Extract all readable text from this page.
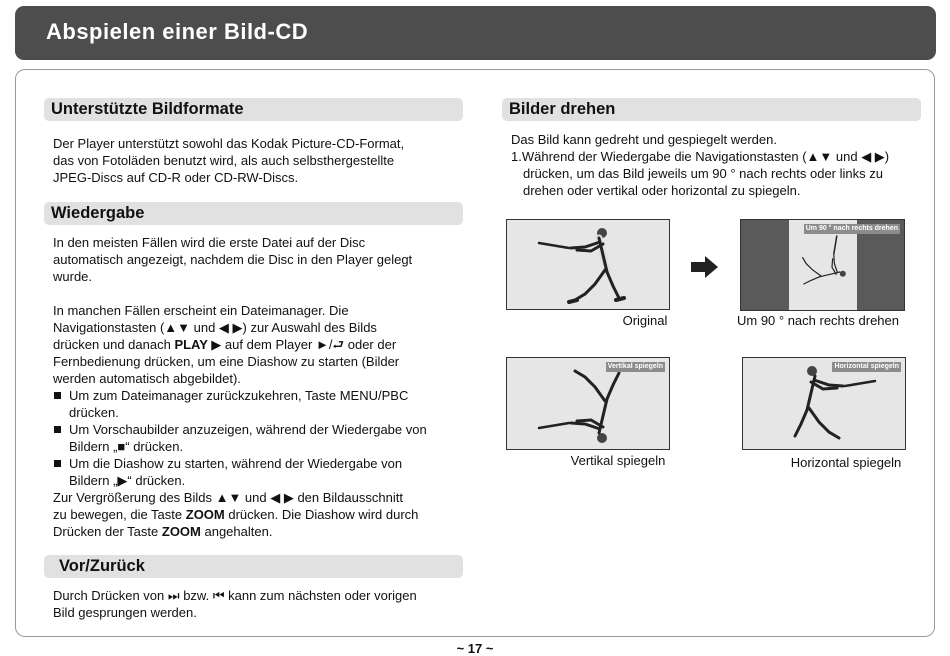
Abspielen einer Bild-CD
Unterstützte Bildformate

Der Player unterstützt sowohl das Kodak Picture-CD-Format,

das von Fotoläden benutzt wird, als auch selbsthergestellte

JPEG-Discs auf CD-R oder CD-RW-Discs.

Wiedergabe

In den meisten Fällen wird die erste Datei auf der Disc

automatisch angezeigt, nachdem die Disc in den Player gelegt

wurde.

In manchen Fällen erscheint ein Dateimanager. Die

Navigationstasten (▲▼ und ◀ ▶) zur Auswahl des Bilds

drücken und danach PLAY ▶ auf dem Player ►/⮐ oder der

Fernbedienung drücken, um eine Diashow zu starten (Bilder

werden automatisch abgebildet).

Um zum Dateimanager zurückzukehren, Taste MENU/PBC
drücken.
Um Vorschaubilder anzuzeigen, während der Wiedergabe von
Bildern „■“ drücken.
Um die Diashow zu starten, während der Wiedergabe von
Bildern „▶“ drücken.

Zur Vergrößerung des Bilds ▲▼ und ◀ ▶ den Bildausschnitt

zu bewegen, die Taste ZOOM drücken. Die Diashow wird durch

Drücken der Taste ZOOM angehalten.

Vor/Zurück

Durch Drücken von ⏭ bzw. ⏮ kann zum nächsten oder vorigen

Bild gesprungen werden.

Bilder drehen

Das Bild kann gedreht und gespiegelt werden.

1.Während der Wiedergabe die Navigationstasten (▲▼ und ◀ ▶)

drücken, um das Bild jeweils um 90 ° nach rechts oder links zu

drehen oder vertikal oder horizontal zu spiegeln.

Original
Um 90 ° nach rechts drehen
Um 90 ° nach rechts drehen
Vertikal spiegeln
Vertikal spiegeln
Horizontal spiegeln
Horizontal spiegeln
~ 17 ~
